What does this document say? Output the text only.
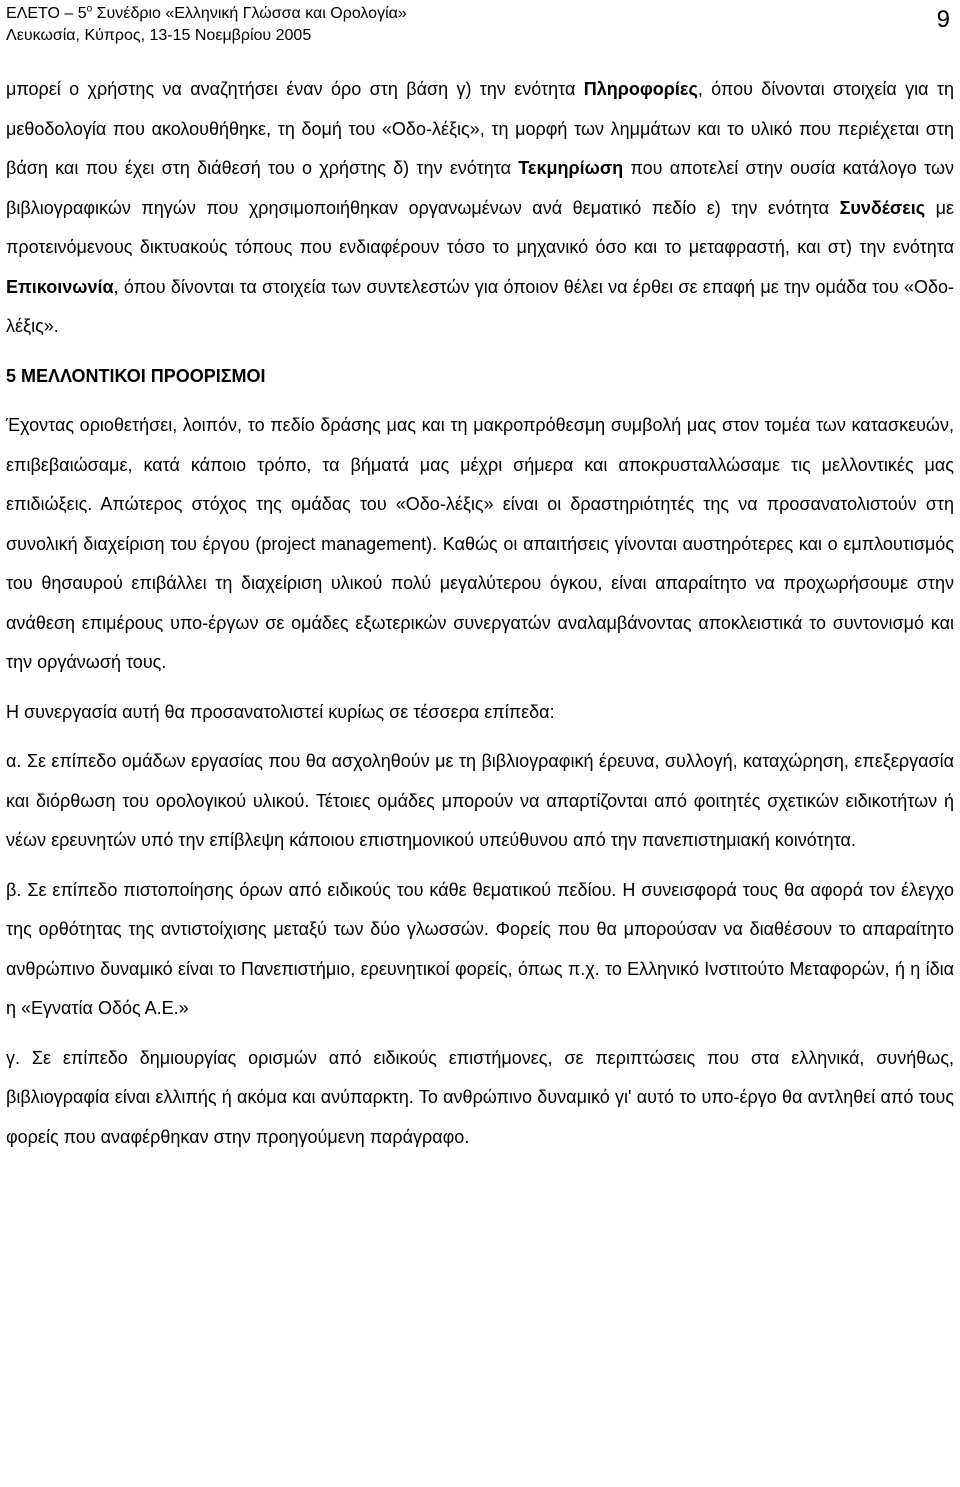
ΕΛΕΤΟ – $5^o$ Συνέδριο «Ελληνική Γλώσσα και Ορολογία»
Λευκωσία, Κύπρος, 13-15 Νοεμβρίου 2005
9

μπορεί ο χρήστης να αναζητήσει έναν όρο στη βάση γ) την ενότητα Πληροφορίες, όπου δίνονται στοιχεία για τη μεθοδολογία που ακολουθήθηκε, τη δομή του «Οδο-λέξις», τη μορφή των λημμάτων και το υλικό που περιέχεται στη βάση και που έχει στη διάθεσή του ο χρήστης δ) την ενότητα Τεκμηρίωση που αποτελεί στην ουσία κατάλογο των βιβλιογραφικών πηγών που χρησιμοποιήθηκαν οργανωμένων ανά θεματικό πεδίο ε) την ενότητα Συνδέσεις με προτεινόμενους δικτυακούς τόπους που ενδιαφέρουν τόσο το μηχανικό όσο και το μεταφραστή, και στ) την ενότητα Επικοινωνία, όπου δίνονται τα στοιχεία των συντελεστών για όποιον θέλει να έρθει σε επαφή με την ομάδα του «Οδο-λέξις».

5 ΜΕΛΛΟΝΤΙΚΟΙ ΠΡΟΟΡΙΣΜΟΙ

Έχοντας οριοθετήσει, λοιπόν, το πεδίο δράσης μας και τη μακροπρόθεσμη συμβολή μας στον τομέα των κατασκευών, επιβεβαιώσαμε, κατά κάποιο τρόπο, τα βήματά μας μέχρι σήμερα και αποκρυσταλλώσαμε τις μελλοντικές μας επιδιώξεις. Απώτερος στόχος της ομάδας του «Οδο-λέξις» είναι οι δραστηριότητές της να προσανατολιστούν στη συνολική διαχείριση του έργου (project management). Καθώς οι απαιτήσεις γίνονται αυστηρότερες και ο εμπλουτισμός του θησαυρού επιβάλλει τη διαχείριση υλικού πολύ μεγαλύτερου όγκου, είναι απαραίτητο να προχωρήσουμε στην ανάθεση επιμέρους υπο-έργων σε ομάδες εξωτερικών συνεργατών αναλαμβάνοντας αποκλειστικά το συντονισμό και την οργάνωσή τους.

Η συνεργασία αυτή θα προσανατολιστεί κυρίως σε τέσσερα επίπεδα:

α. Σε επίπεδο ομάδων εργασίας που θα ασχοληθούν με τη βιβλιογραφική έρευνα, συλλογή, καταχώρηση, επεξεργασία και διόρθωση του ορολογικού υλικού. Τέτοιες ομάδες μπορούν να απαρτίζονται από φοιτητές σχετικών ειδικοτήτων ή νέων ερευνητών υπό την επίβλεψη κάποιου επιστημονικού υπεύθυνου από την πανεπιστημιακή κοινότητα.

β. Σε επίπεδο πιστοποίησης όρων από ειδικούς του κάθε θεματικού πεδίου. Η συνεισφορά τους θα αφορά τον έλεγχο της ορθότητας της αντιστοίχισης μεταξύ των δύο γλωσσών. Φορείς που θα μπορούσαν να διαθέσουν το απαραίτητο ανθρώπινο δυναμικό είναι το Πανεπιστήμιο, ερευνητικοί φορείς, όπως π.χ. το Ελληνικό Ινστιτούτο Μεταφορών, ή η ίδια η «Εγνατία Οδός Α.Ε.»

γ. Σε επίπεδο δημιουργίας ορισμών από ειδικούς επιστήμονες, σε περιπτώσεις που στα ελληνικά, συνήθως, βιβλιογραφία είναι ελλιπής ή ακόμα και ανύπαρκτη. Το ανθρώπινο δυναμικό γι' αυτό το υπο-έργο θα αντληθεί από τους φορείς που αναφέρθηκαν στην προηγούμενη παράγραφο.
